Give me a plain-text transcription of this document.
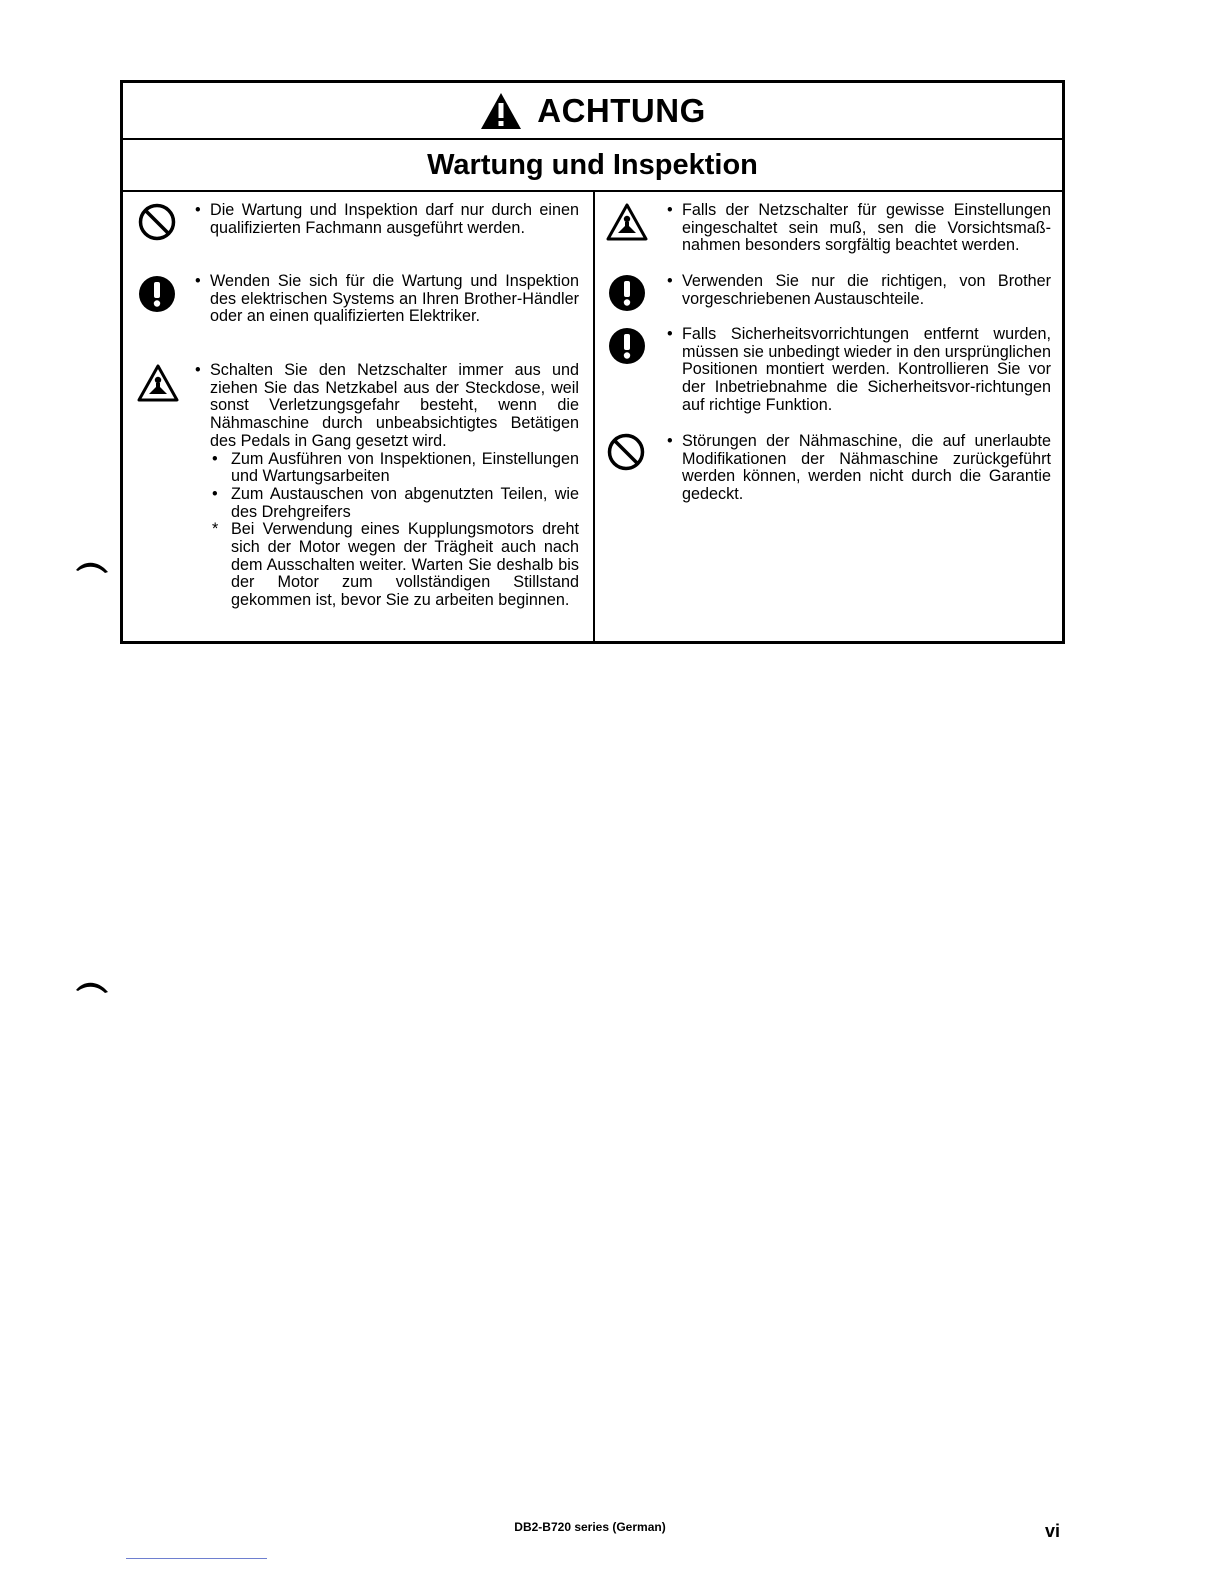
ACHTUNG
Wartung und Inspektion
• Die Wartung und Inspektion darf nur durch einen qualifizierten Fachmann ausgeführt werden.
• Wenden Sie sich für die Wartung und Inspektion des elektrischen Systems an Ihren Brother-Händler oder an einen qualifizierten Elektriker.
• Schalten Sie den Netzschalter immer aus und ziehen Sie das Netzkabel aus der Steckdose, weil sonst Verletzungsgefahr besteht, wenn die Nähmaschine durch unbeabsichtigtes Betätigen des Pedals in Gang gesetzt wird.
• Zum Ausführen von Inspektionen, Einstellungen und Wartungsarbeiten
• Zum Austauschen von abgenutzten Teilen, wie des Drehgreifers
* Bei Verwendung eines Kupplungsmotors dreht sich der Motor wegen der Trägheit auch nach dem Ausschalten weiter. Warten Sie deshalb bis der Motor zum vollständigen Stillstand gekommen ist, bevor Sie zu arbeiten beginnen.
• Falls der Netzschalter für gewisse Einstellungen eingeschaltet sein muß, sen die Vorsichtsmaß-nahmen besonders sorgfältig beachtet werden.
• Verwenden Sie nur die richtigen, von Brother vorgeschriebenen Austauschteile.
• Falls Sicherheitsvorrichtungen entfernt wurden, müssen sie unbedingt wieder in den ursprünglichen Positionen montiert werden. Kontrollieren Sie vor der Inbetriebnahme die Sicherheitsvor-richtungen auf richtige Funktion.
• Störungen der Nähmaschine, die auf unerlaubte Modifikationen der Nähmaschine zurückgeführt werden können, werden nicht durch die Garantie gedeckt.
DB2-B720 series (German)	vi
